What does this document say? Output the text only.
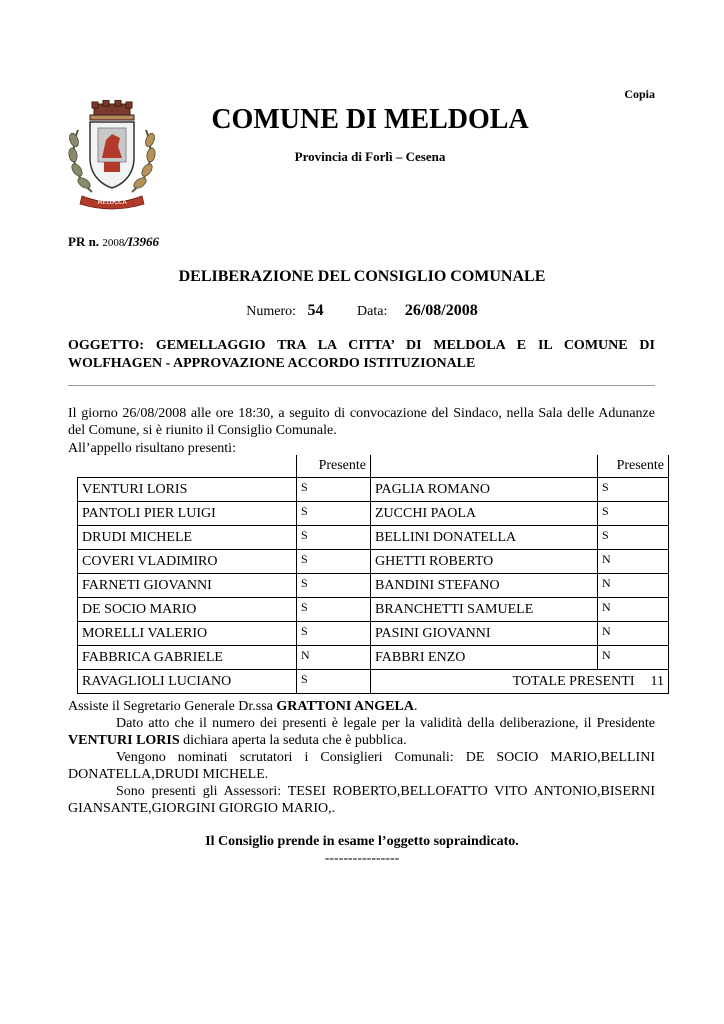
Copia
MELDOLA
COMUNE DI MELDOLA
Provincia di Forlì – Cesena
PR n. 2008/I3966
DELIBERAZIONE DEL CONSIGLIO COMUNALE
Numero: 54 Data: 26/08/2008
OGGETTO: GEMELLAGGIO TRA LA CITTA’ DI MELDOLA E IL COMUNE DI WOLFHAGEN - APPROVAZIONE ACCORDO ISTITUZIONALE
Il giorno 26/08/2008 alle ore 18:30, a seguito di convocazione del Sindaco, nella Sala delle Adunanze del Comune, si è riunito il Consiglio Comunale.
All’appello risultano presenti:
	Presente		Presente
VENTURI LORIS	S	PAGLIA ROMANO	S
PANTOLI PIER LUIGI	S	ZUCCHI PAOLA	S
DRUDI MICHELE	S	BELLINI DONATELLA	S
COVERI VLADIMIRO	S	GHETTI ROBERTO	N
FARNETI GIOVANNI	S	BANDINI STEFANO	N
DE SOCIO MARIO	S	BRANCHETTI SAMUELE	N
MORELLI VALERIO	S	PASINI GIOVANNI	N
FABBRICA GABRIELE	N	FABBRI ENZO	N
RAVAGLIOLI LUCIANO	S	TOTALE PRESENTI 11	

Assiste il Segretario Generale Dr.ssa GRATTONI ANGELA.

Dato atto che il numero dei presenti è legale per la validità della deliberazione, il Presidente VENTURI LORIS dichiara aperta la seduta che è pubblica.

Vengono nominati scrutatori i Consiglieri Comunali: DE SOCIO MARIO,BELLINI DONATELLA,DRUDI MICHELE.

Sono presenti gli Assessori: TESEI ROBERTO,BELLOFATTO VITO ANTONIO,BISERNI GIANSANTE,GIORGINI GIORGIO MARIO,.

Il Consiglio prende in esame l’oggetto sopraindicato.
----------------
